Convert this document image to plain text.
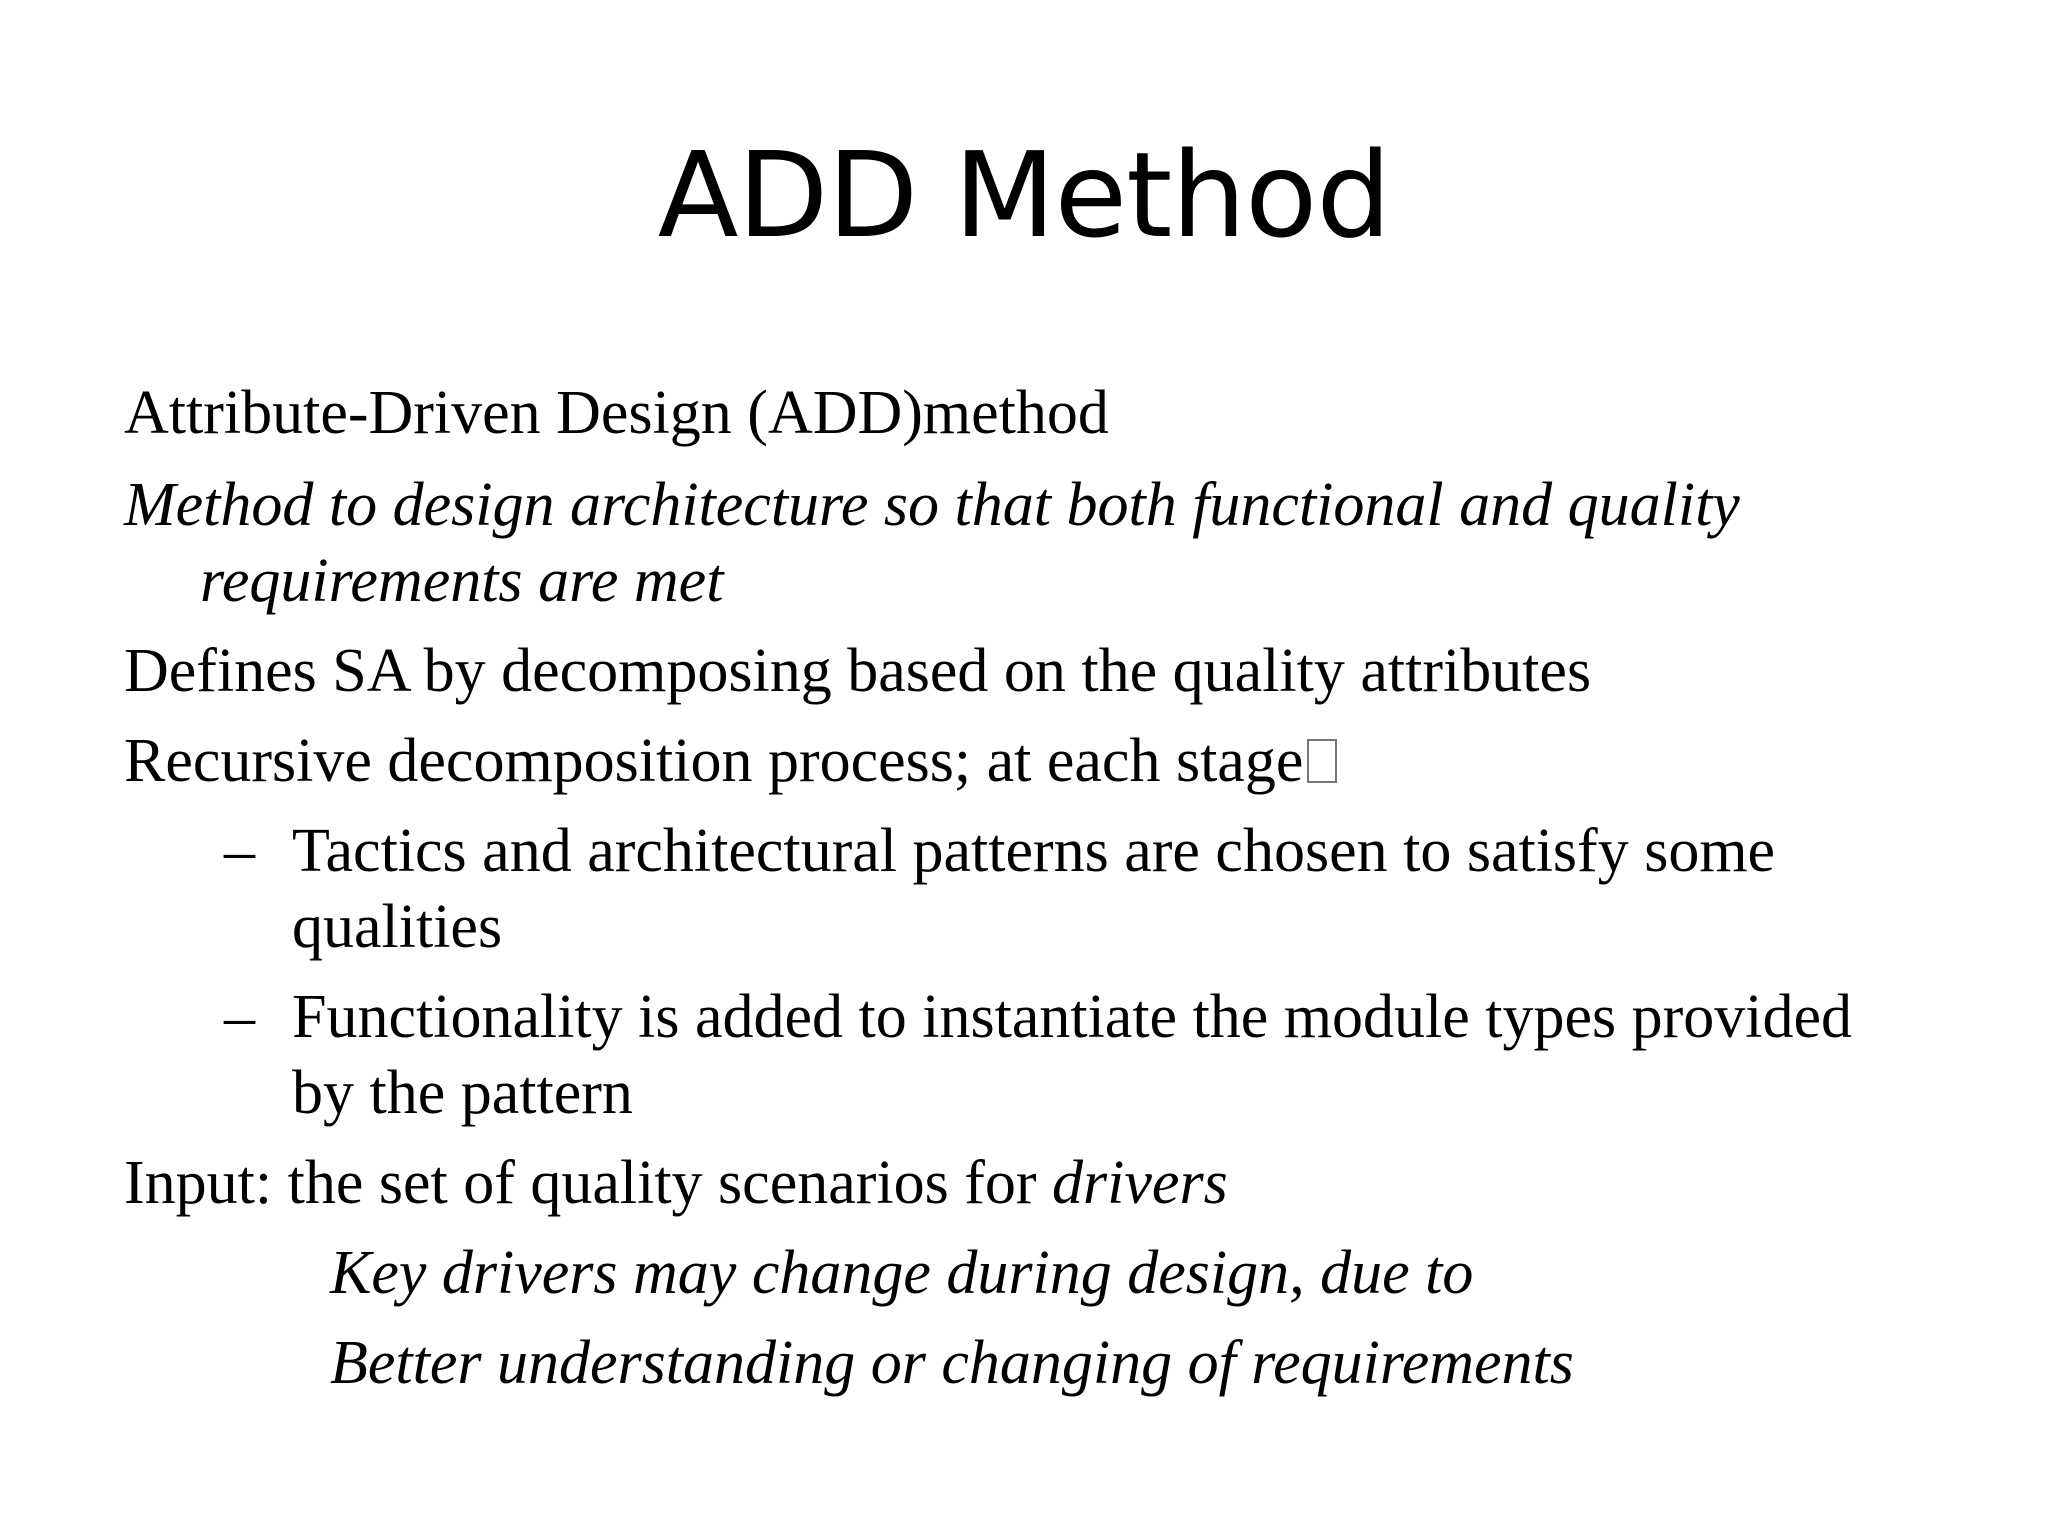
ADD Method
Attribute-Driven Design (ADD)method
Method to design architecture so that both functional and quality
requirements are met
Defines SA by decomposing based on the quality attributes
Recursive decomposition process; at each stage
– Tactics and architectural patterns are chosen to satisfy some
qualities
– Functionality is added to instantiate the module types provided
by the pattern
Input: the set of quality scenarios for drivers
Key drivers may change during design, due to
Better understanding or changing of requirements
